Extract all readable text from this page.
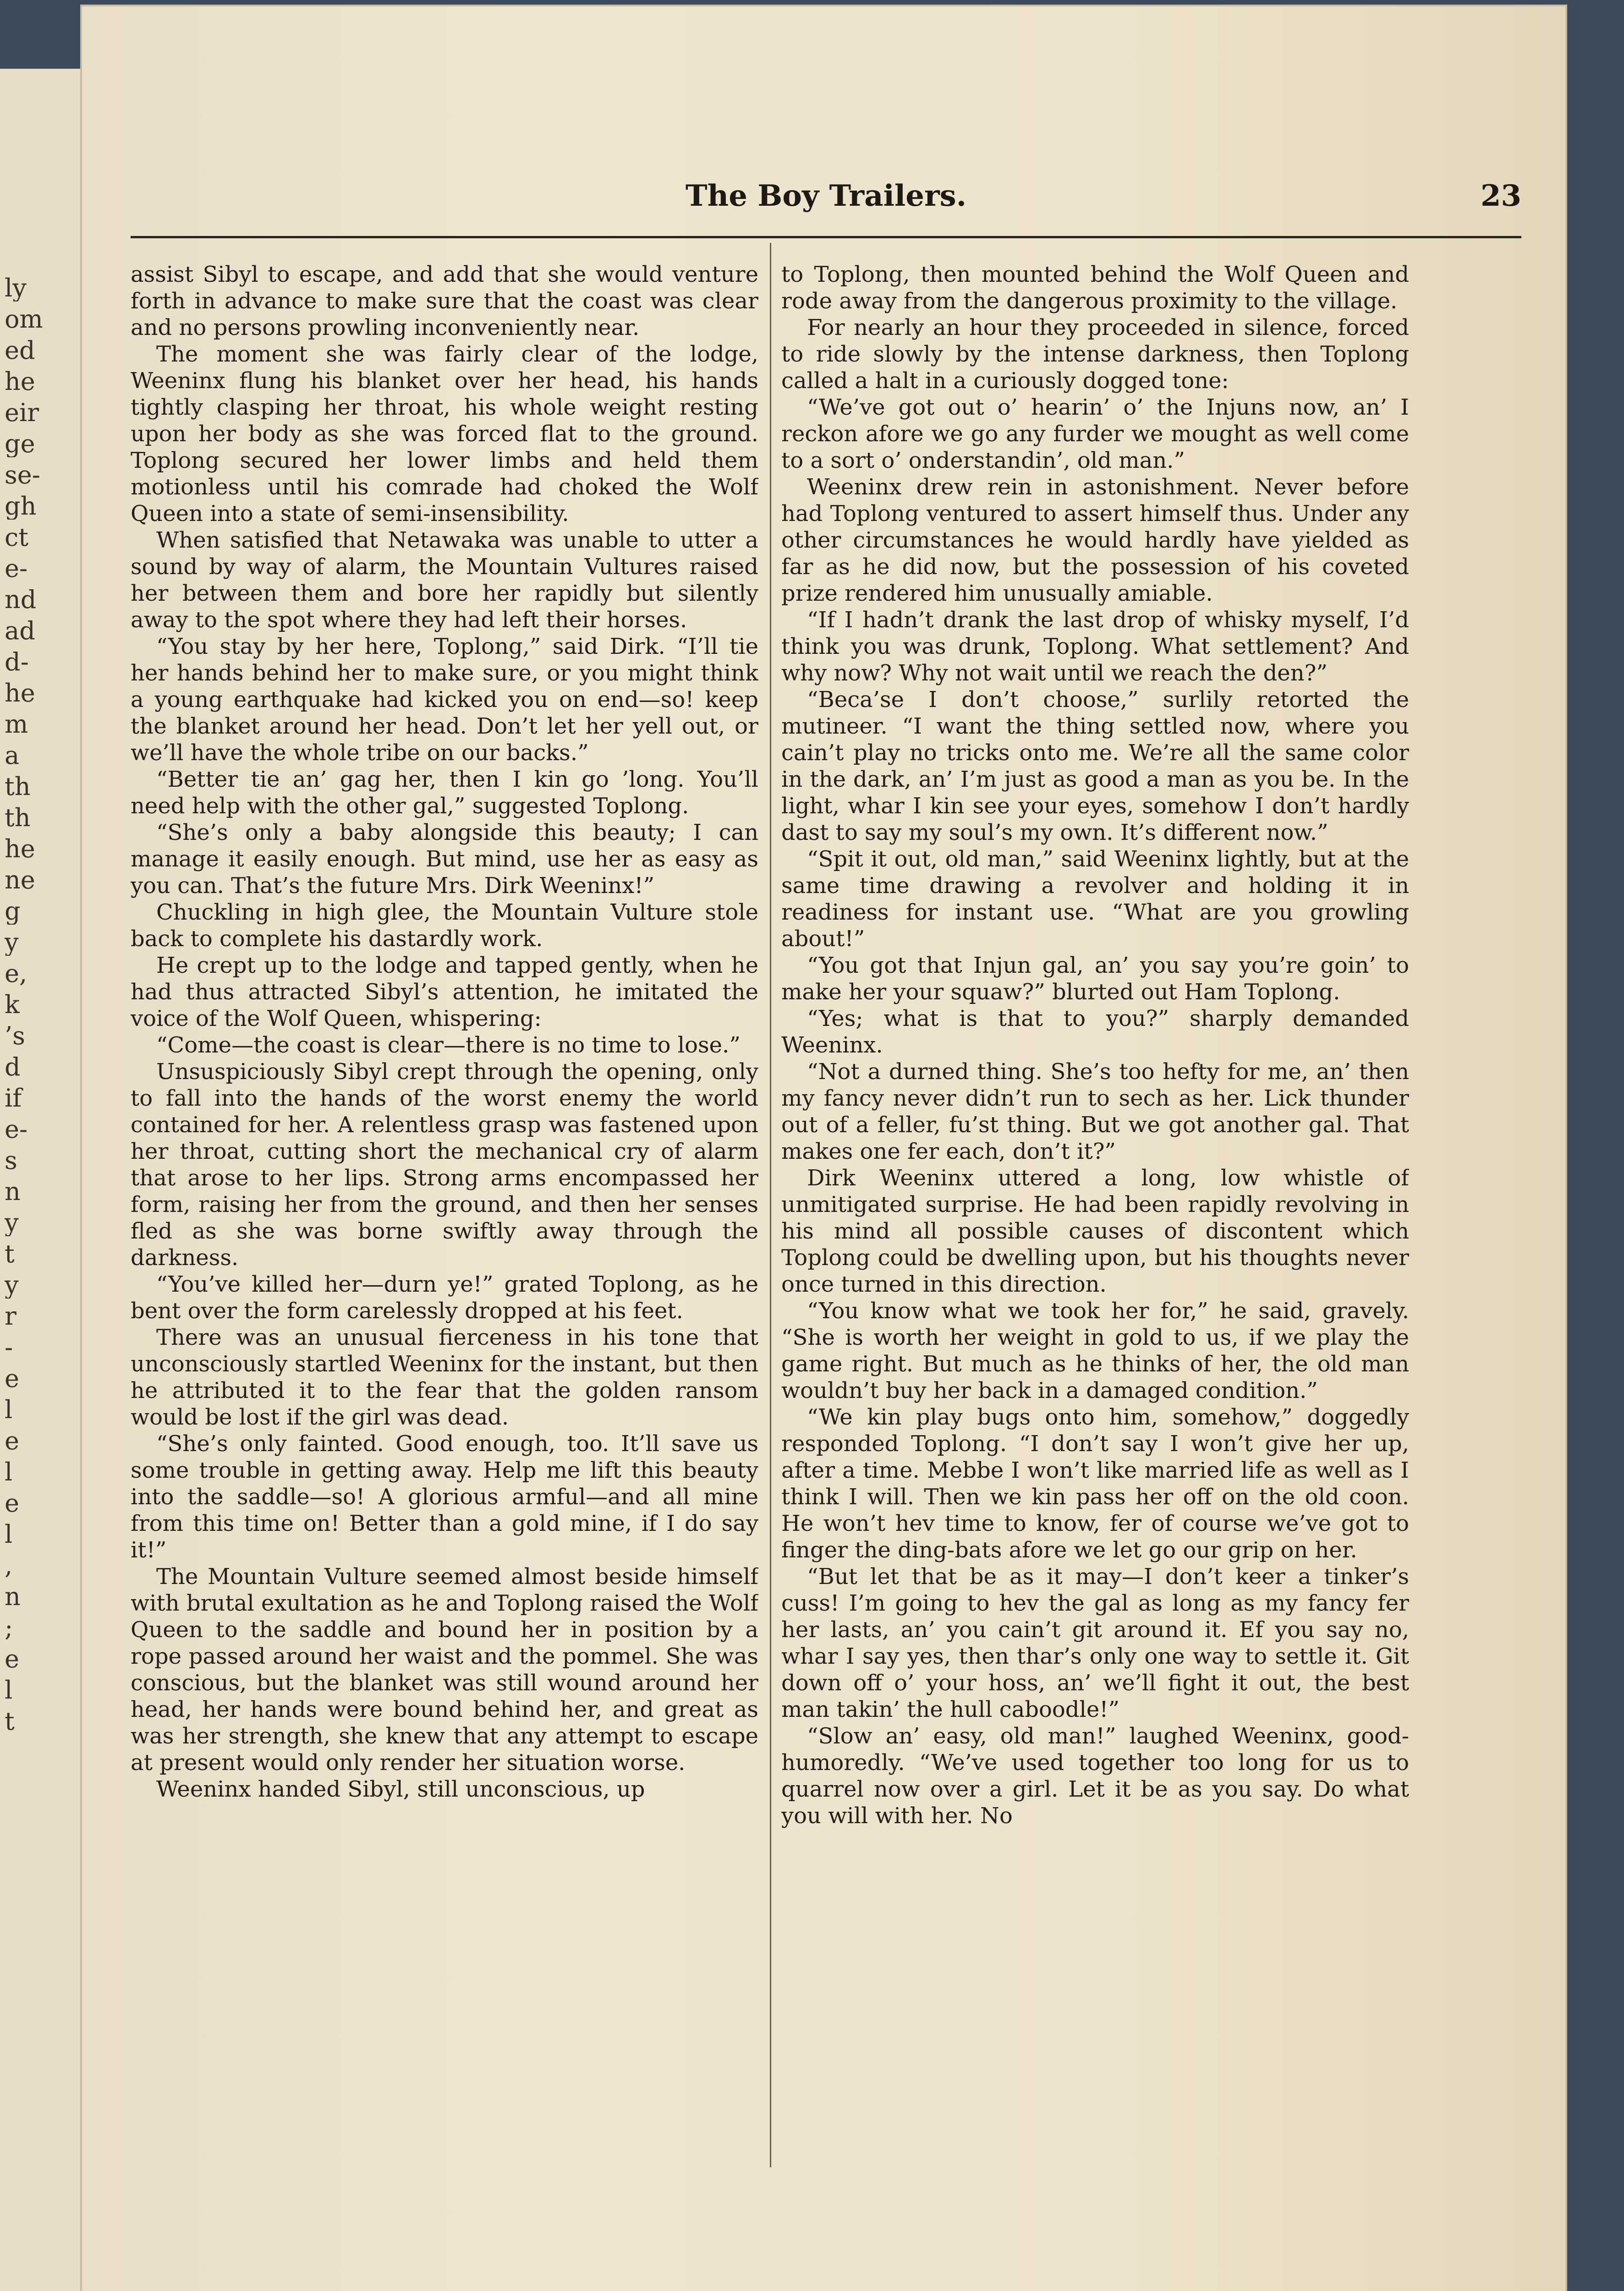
ly
om
ed
he
eir
ge
se-
gh
ct
e-
nd
ad
d-
he
m
a
th
th
he
ne
g
y
e,
k
’s
d
if
e-
s
n
y
t
y
r
-
e
l
e
l
e
l
,
n
;
e
l
t
The Boy Trailers.	23

assist Sibyl to escape, and add that she would venture forth in advance to make sure that the coast was clear and no persons prowling inconveniently near.

The moment she was fairly clear of the lodge, Weeninx flung his blanket over her head, his hands tightly clasping her throat, his whole weight resting upon her body as she was forced flat to the ground. Toplong secured her lower limbs and held them motionless until his comrade had choked the Wolf Queen into a state of semi-insensibility.

When satisfied that Netawaka was unable to utter a sound by way of alarm, the Mountain Vultures raised her between them and bore her rapidly but silently away to the spot where they had left their horses.

“You stay by her here, Toplong,” said Dirk. “I’ll tie her hands behind her to make sure, or you might think a young earthquake had kicked you on end—so! keep the blanket around her head. Don’t let her yell out, or we’ll have the whole tribe on our backs.”

“Better tie an’ gag her, then I kin go ’long. You’ll need help with the other gal,” suggested Toplong.

“She’s only a baby alongside this beauty; I can manage it easily enough. But mind, use her as easy as you can. That’s the future Mrs. Dirk Weeninx!”

Chuckling in high glee, the Mountain Vulture stole back to complete his dastardly work.

He crept up to the lodge and tapped gently, when he had thus attracted Sibyl’s attention, he imitated the voice of the Wolf Queen, whispering:

“Come—the coast is clear—there is no time to lose.”

Unsuspiciously Sibyl crept through the opening, only to fall into the hands of the worst enemy the world contained for her. A relentless grasp was fastened upon her throat, cutting short the mechanical cry of alarm that arose to her lips. Strong arms encompassed her form, raising her from the ground, and then her senses fled as she was borne swiftly away through the darkness.

“You’ve killed her—durn ye!” grated Toplong, as he bent over the form carelessly dropped at his feet.

There was an unusual fierceness in his tone that unconsciously startled Weeninx for the instant, but then he attributed it to the fear that the golden ransom would be lost if the girl was dead.

“She’s only fainted. Good enough, too. It’ll save us some trouble in getting away. Help me lift this beauty into the saddle—so! A glorious armful—and all mine from this time on! Better than a gold mine, if I do say it!”

The Mountain Vulture seemed almost beside himself with brutal exultation as he and Toplong raised the Wolf Queen to the saddle and bound her in position by a rope passed around her waist and the pommel. She was conscious, but the blanket was still wound around her head, her hands were bound behind her, and great as was her strength, she knew that any attempt to escape at present would only render her situation worse.

Weeninx handed Sibyl, still unconscious, up

to Toplong, then mounted behind the Wolf Queen and rode away from the dangerous proximity to the village.

For nearly an hour they proceeded in silence, forced to ride slowly by the intense darkness, then Toplong called a halt in a curiously dogged tone:

“We’ve got out o’ hearin’ o’ the Injuns now, an’ I reckon afore we go any furder we mought as well come to a sort o’ onderstandin’, old man.”

Weeninx drew rein in astonishment. Never before had Toplong ventured to assert himself thus. Under any other circumstances he would hardly have yielded as far as he did now, but the possession of his coveted prize rendered him unusually amiable.

“If I hadn’t drank the last drop of whisky myself, I’d think you was drunk, Toplong. What settlement? And why now? Why not wait until we reach the den?”

“Beca’se I don’t choose,” surlily retorted the mutineer. “I want the thing settled now, where you cain’t play no tricks onto me. We’re all the same color in the dark, an’ I’m just as good a man as you be. In the light, whar I kin see your eyes, somehow I don’t hardly dast to say my soul’s my own. It’s different now.”

“Spit it out, old man,” said Weeninx lightly, but at the same time drawing a revolver and holding it in readiness for instant use. “What are you growling about!”

“You got that Injun gal, an’ you say you’re goin’ to make her your squaw?” blurted out Ham Toplong.

“Yes; what is that to you?” sharply demanded Weeninx.

“Not a durned thing. She’s too hefty for me, an’ then my fancy never didn’t run to sech as her. Lick thunder out of a feller, fu’st thing. But we got another gal. That makes one fer each, don’t it?”

Dirk Weeninx uttered a long, low whistle of unmitigated surprise. He had been rapidly revolving in his mind all possible causes of discontent which Toplong could be dwelling upon, but his thoughts never once turned in this direction.

“You know what we took her for,” he said, gravely. “She is worth her weight in gold to us, if we play the game right. But much as he thinks of her, the old man wouldn’t buy her back in a damaged condition.”

“We kin play bugs onto him, somehow,” doggedly responded Toplong. “I don’t say I won’t give her up, after a time. Mebbe I won’t like married life as well as I think I will. Then we kin pass her off on the old coon. He won’t hev time to know, fer of course we’ve got to finger the ding-bats afore we let go our grip on her.

“But let that be as it may—I don’t keer a tinker’s cuss! I’m going to hev the gal as long as my fancy fer her lasts, an’ you cain’t git around it. Ef you say no, whar I say yes, then thar’s only one way to settle it. Git down off o’ your hoss, an’ we’ll fight it out, the best man takin’ the hull caboodle!”

“Slow an’ easy, old man!” laughed Weeninx, good-humoredly. “We’ve used together too long for us to quarrel now over a girl. Let it be as you say. Do what you will with her. No
